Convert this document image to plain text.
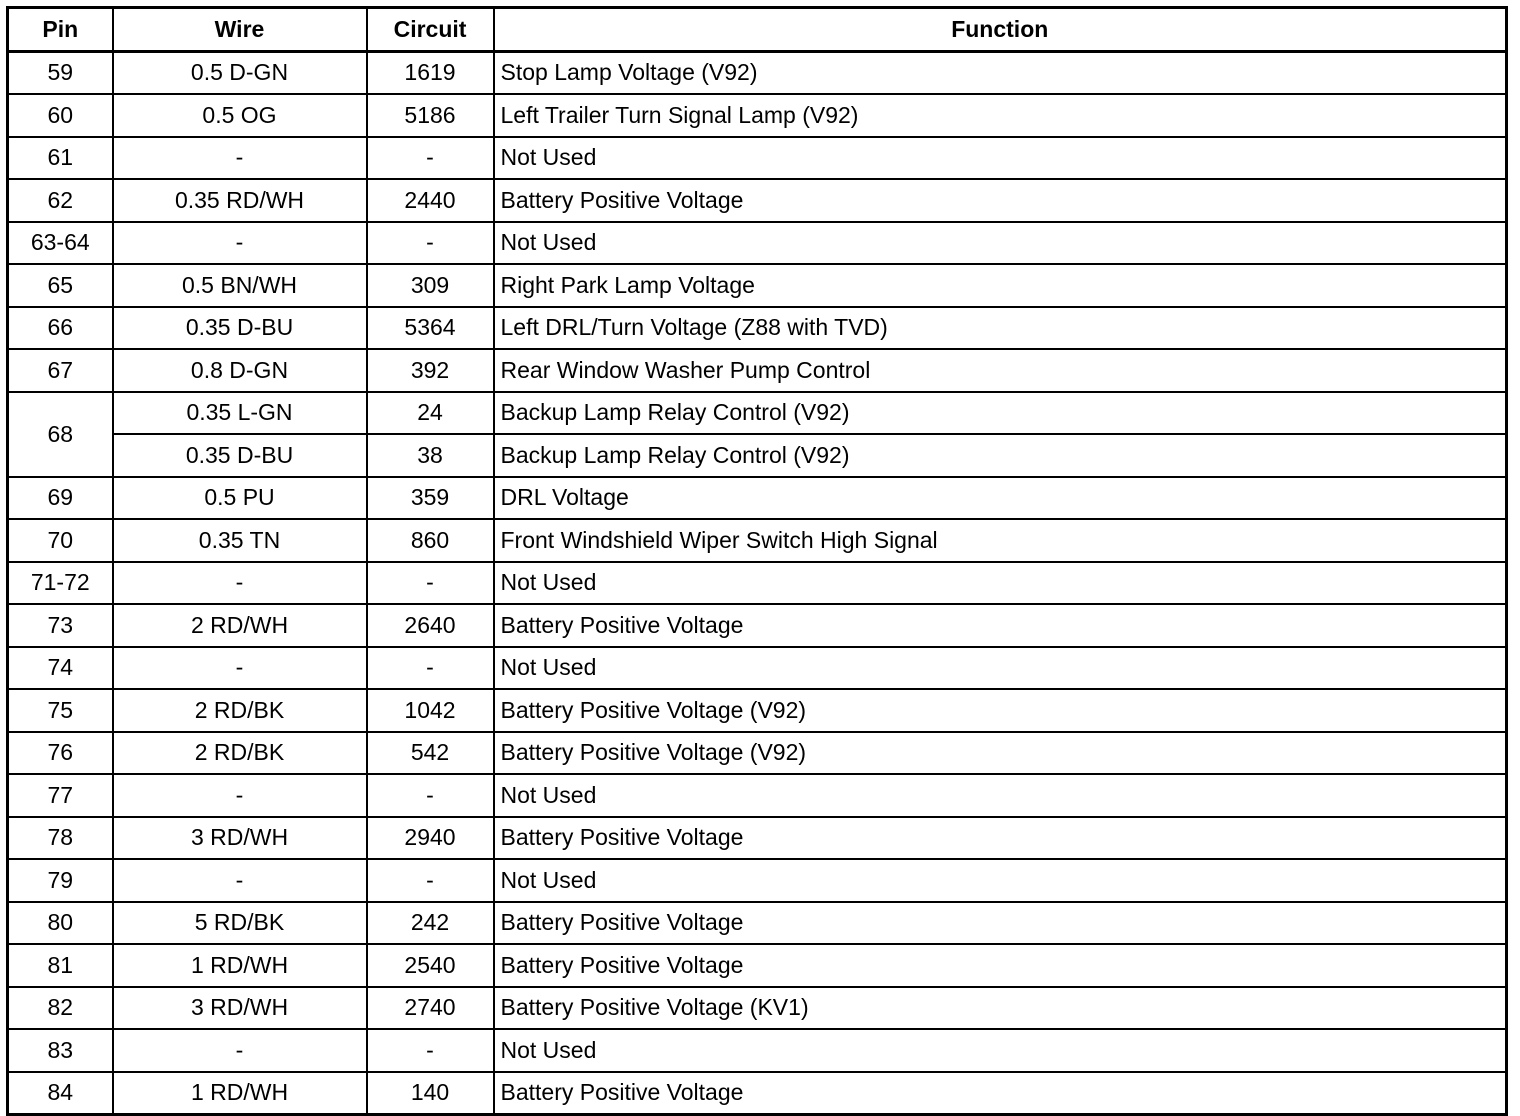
Pin	Wire	Circuit	Function
59	0.5 D-GN	1619	Stop Lamp Voltage (V92)
60	0.5 OG	5186	Left Trailer Turn Signal Lamp (V92)
61	-	-	Not Used
62	0.35 RD/WH	2440	Battery Positive Voltage
63-64	-	-	Not Used
65	0.5 BN/WH	309	Right Park Lamp Voltage
66	0.35 D-BU	5364	Left DRL/Turn Voltage (Z88 with TVD)
67	0.8 D-GN	392	Rear Window Washer Pump Control
68	0.35 L-GN	24	Backup Lamp Relay Control (V92)
	0.35 D-BU	38	Backup Lamp Relay Control (V92)
69	0.5 PU	359	DRL Voltage
70	0.35 TN	860	Front Windshield Wiper Switch High Signal
71-72	-	-	Not Used
73	2 RD/WH	2640	Battery Positive Voltage
74	-	-	Not Used
75	2 RD/BK	1042	Battery Positive Voltage (V92)
76	2 RD/BK	542	Battery Positive Voltage (V92)
77	-	-	Not Used
78	3 RD/WH	2940	Battery Positive Voltage
79	-	-	Not Used
80	5 RD/BK	242	Battery Positive Voltage
81	1 RD/WH	2540	Battery Positive Voltage
82	3 RD/WH	2740	Battery Positive Voltage (KV1)
83	-	-	Not Used
84	1 RD/WH	140	Battery Positive Voltage
